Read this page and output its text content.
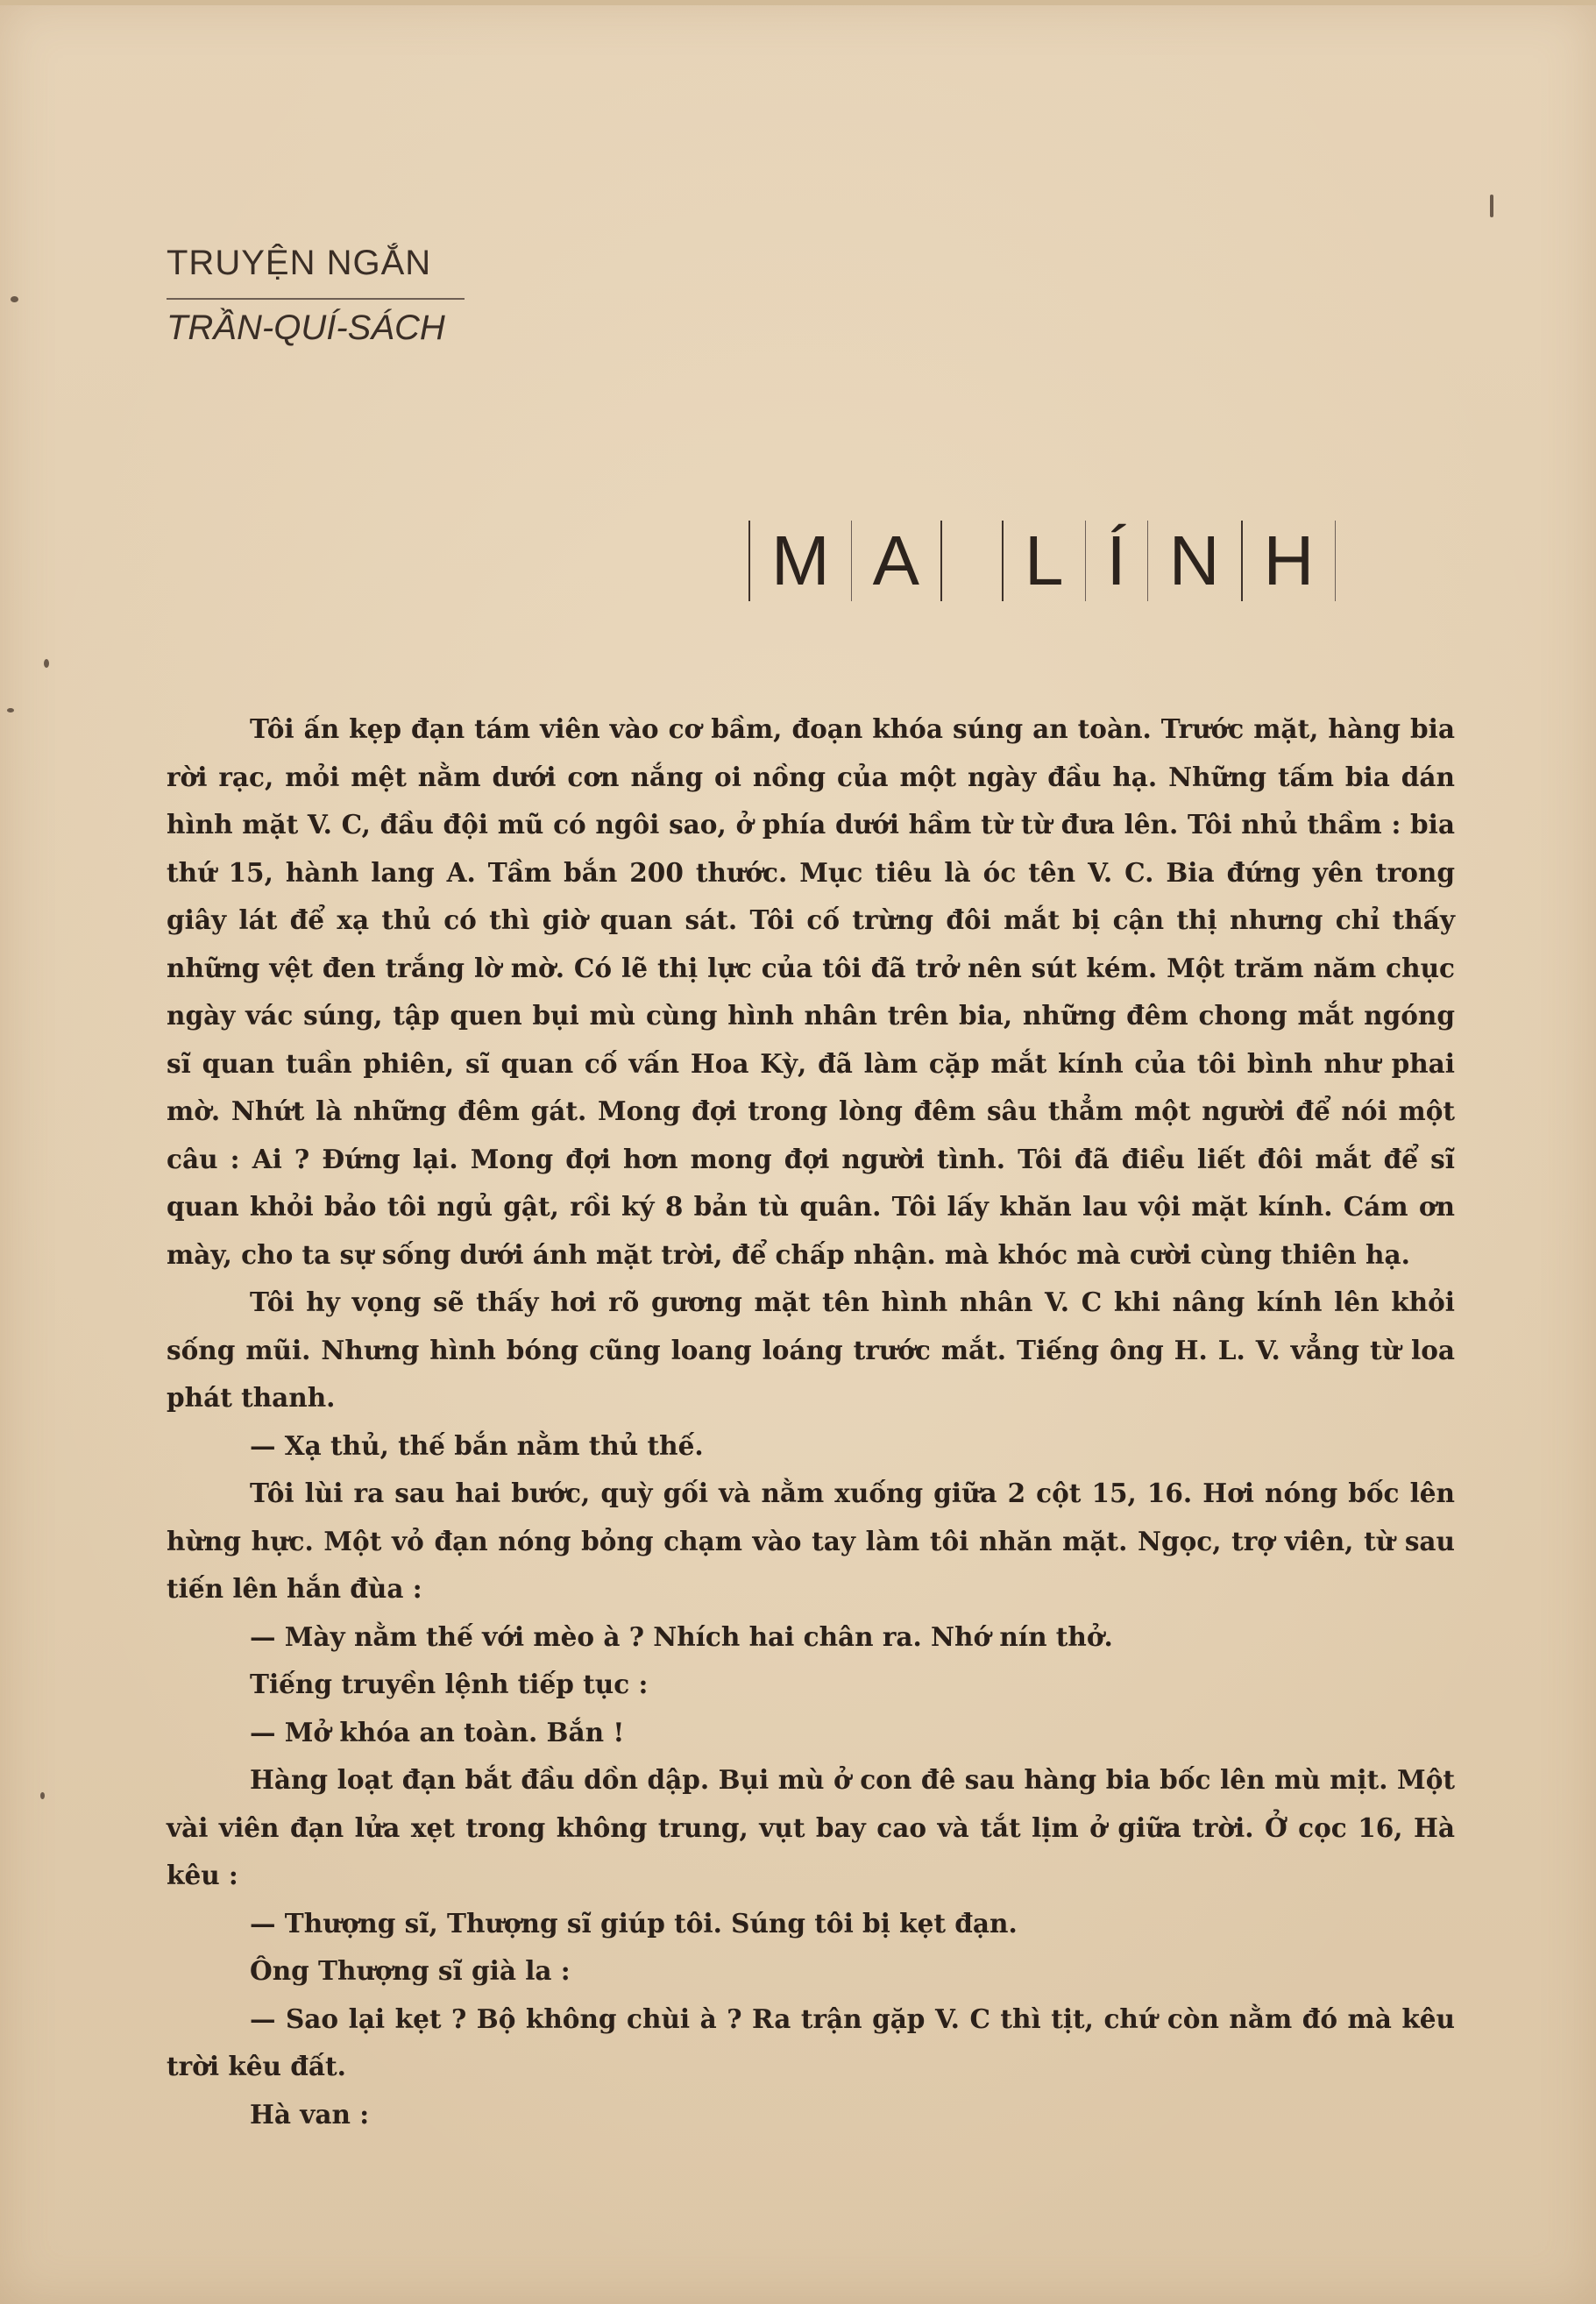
TRUYỆN NGẮN
TRẦN-QUÍ-SÁCH
M A L Í N H

Tôi ấn kẹp đạn tám viên vào cơ bầm, đoạn khóa súng an toàn. Trước mặt, hàng bia rời rạc, mỏi mệt nằm dưới cơn nắng oi nồng của một ngày đầu hạ. Những tấm bia dán hình mặt V. C, đầu đội mũ có ngôi sao, ở phía dưới hầm từ từ đưa lên. Tôi nhủ thầm : bia thứ 15, hành lang A. Tầm bắn 200 thước. Mục tiêu là óc tên V. C. Bia đứng yên trong giây lát để xạ thủ có thì giờ quan sát. Tôi cố trừng đôi mắt bị cận thị nhưng chỉ thấy những vệt đen trắng lờ mờ. Có lẽ thị lực của tôi đã trở nên sút kém. Một trăm năm chục ngày vác súng, tập quen bụi mù cùng hình nhân trên bia, những đêm chong mắt ngóng sĩ quan tuần phiên, sĩ quan cố vấn Hoa Kỳ, đã làm cặp mắt kính của tôi bình như phai mờ. Nhứt là những đêm gát. Mong đợi trong lòng đêm sâu thẳm một người để nói một câu : Ai ? Đứng lại. Mong đợi hơn mong đợi người tình. Tôi đã điều liết đôi mắt để sĩ quan khỏi bảo tôi ngủ gật, rồi ký 8 bản tù quân. Tôi lấy khăn lau vội mặt kính. Cám ơn mày, cho ta sự sống dưới ánh mặt trời, để chấp nhận. mà khóc mà cười cùng thiên hạ.

Tôi hy vọng sẽ thấy hơi rõ gương mặt tên hình nhân V. C khi nâng kính lên khỏi sống mũi. Nhưng hình bóng cũng loang loáng trước mắt. Tiếng ông H. L. V. vẳng từ loa phát thanh.

— Xạ thủ, thế bắn nằm thủ thế.

Tôi lùi ra sau hai bước, quỳ gối và nằm xuống giữa 2 cột 15, 16. Hơi nóng bốc lên hừng hực. Một vỏ đạn nóng bỏng chạm vào tay làm tôi nhăn mặt. Ngọc, trợ viên, từ sau tiến lên hắn đùa :

— Mày nằm thế với mèo à ? Nhích hai chân ra. Nhớ nín thở.

Tiếng truyền lệnh tiếp tục :

— Mở khóa an toàn. Bắn !

Hàng loạt đạn bắt đầu dồn dập. Bụi mù ở con đê sau hàng bia bốc lên mù mịt. Một vài viên đạn lửa xẹt trong không trung, vụt bay cao và tắt lịm ở giữa trời. Ở cọc 16, Hà kêu :

— Thượng sĩ, Thượng sĩ giúp tôi. Súng tôi bị kẹt đạn.

Ông Thượng sĩ già la :

— Sao lại kẹt ? Bộ không chùi à ? Ra trận gặp V. C thì tịt, chứ còn nằm đó mà kêu trời kêu đất.

Hà van :
